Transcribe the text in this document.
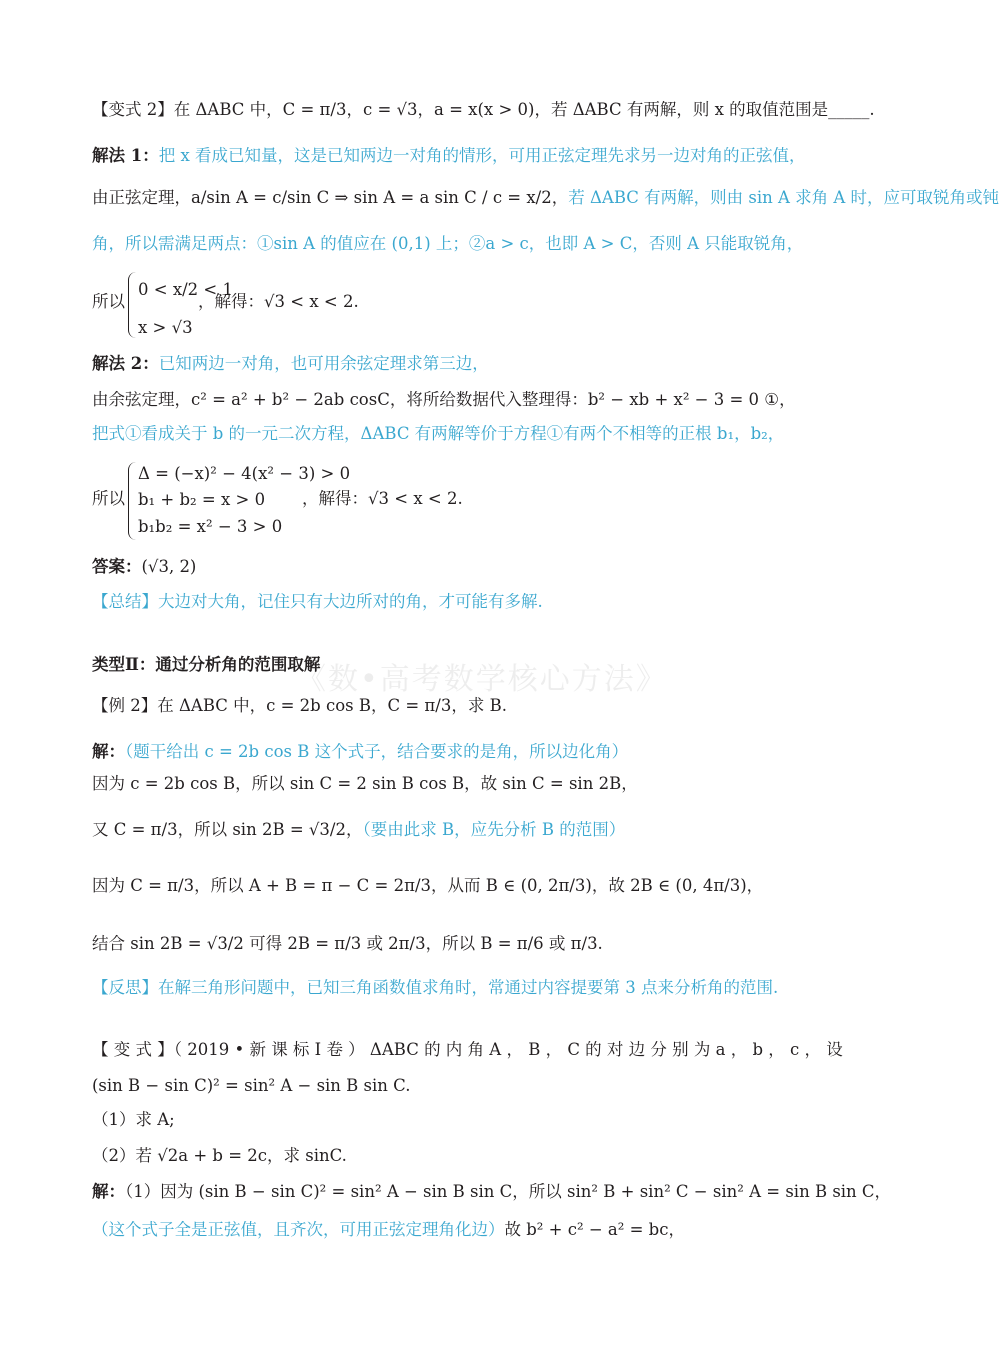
《数•高考数学核心方法》
【变式 2】在 ΔABC 中，C = π/3，c = √3，a = x(x > 0)，若 ΔABC 有两解，则 x 的取值范围是_____.
解法 1：把 x 看成已知量，这是已知两边一对角的情形，可用正弦定理先求另一边对角的正弦值，
由正弦定理，a/sin A = c/sin C ⇒ sin A = a sin C / c = x/2，若 ΔABC 有两解，则由 sin A 求角 A 时，应可取锐角或钝
角，所以需满足两点：①sin A 的值应在 (0,1) 上；②a > c，也即 A > C，否则 A 只能取锐角，
所以
0 < x/2 < 1
x > √3
，解得：√3 < x < 2.
解法 2：已知两边一对角，也可用余弦定理求第三边，
由余弦定理，c² = a² + b² − 2ab cosC，将所给数据代入整理得：b² − xb + x² − 3 = 0 ①，
把式①看成关于 b 的一元二次方程，ΔABC 有两解等价于方程①有两个不相等的正根 b₁，b₂，
所以
Δ = (−x)² − 4(x² − 3) > 0
b₁ + b₂ = x > 0
b₁b₂ = x² − 3 > 0
，解得：√3 < x < 2.
答案：(√3, 2)
【总结】大边对大角，记住只有大边所对的角，才可能有多解.
类型Ⅱ：通过分析角的范围取解
【例 2】在 ΔABC 中，c = 2b cos B，C = π/3，求 B.
解：（题干给出 c = 2b cos B 这个式子，结合要求的是角，所以边化角）
因为 c = 2b cos B，所以 sin C = 2 sin B cos B，故 sin C = sin 2B，
又 C = π/3，所以 sin 2B = √3/2，（要由此求 B，应先分析 B 的范围）
因为 C = π/3，所以 A + B = π − C = 2π/3，从而 B ∈ (0, 2π/3)，故 2B ∈ (0, 4π/3)，
结合 sin 2B = √3/2 可得 2B = π/3 或 2π/3，所以 B = π/6 或 π/3.
【反思】在解三角形问题中，已知三角函数值求角时，常通过内容提要第 3 点来分析角的范围.
【 变 式 】（ 2019 • 新 课 标 Ⅰ 卷 ） ΔABC 的 内 角 A ， B ， C 的 对 边 分 别 为 a ， b ， c ， 设
(sin B − sin C)² = sin² A − sin B sin C.
（1）求 A;
（2）若 √2a + b = 2c，求 sinC.
解：（1）因为 (sin B − sin C)² = sin² A − sin B sin C，所以 sin² B + sin² C − sin² A = sin B sin C，
（这个式子全是正弦值，且齐次，可用正弦定理角化边）故 b² + c² − a² = bc，
